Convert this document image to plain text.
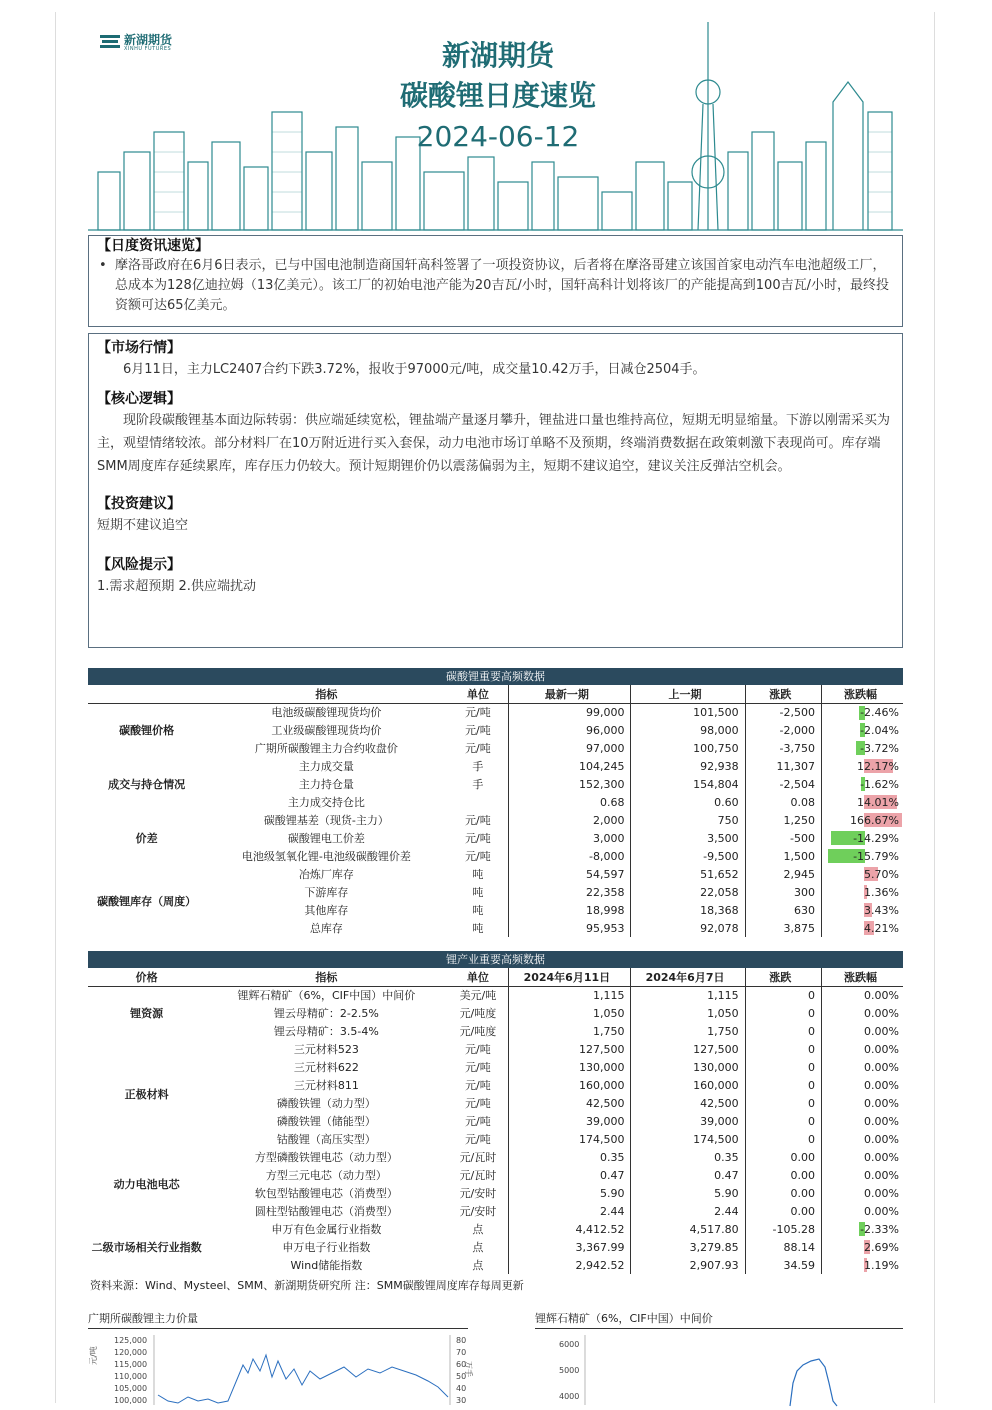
新湖期货
XINHU FUTURES	新湖期货
碳酸锂日度速览
2024-06-12
【日度资讯速览】
• 摩洛哥政府在6月6日表示，已与中国电池制造商国轩高科签署了一项投资协议，后者将在摩洛哥建立该国首家电动汽车电池超级工厂，总成本为128亿迪拉姆（13亿美元）。该工厂的初始电池产能为20吉瓦/小时，国轩高科计划将该厂的产能提高到100吉瓦/小时，最终投资额可达65亿美元。
【市场行情】
6月11日，主力LC2407合约下跌3.72%，报收于97000元/吨，成交量10.42万手，日减仓2504手。
【核心逻辑】
现阶段碳酸锂基本面边际转弱：供应端延续宽松，锂盐端产量逐月攀升，锂盐进口量也维持高位，短期无明显缩量。下游以刚需采买为主，观望情绪较浓。部分材料厂在10万附近进行买入套保，动力电池市场订单略不及预期，终端消费数据在政策刺激下表现尚可。库存端SMM周度库存延续累库，库存压力仍较大。预计短期锂价仍以震荡偏弱为主，短期不建议追空，建议关注反弹沽空机会。
【投资建议】
短期不建议追空
【风险提示】
1.需求超预期 2.供应端扰动
碳酸锂重要高频数据
	指标	单位	最新一期	上一期	涨跌	涨跌幅
碳酸锂价格	电池级碳酸锂现货均价	元/吨	99,000	101,500	-2,500	-2.46%
	工业级碳酸锂现货均价	元/吨	96,000	98,000	-2,000	-2.04%
	广期所碳酸锂主力合约收盘价	元/吨	97,000	100,750	-3,750	-3.72%
成交与持仓情况	主力成交量	手	104,245	92,938	11,307	12.17%
	主力持仓量	手	152,300	154,804	-2,504	-1.62%
	主力成交持仓比		0.68	0.60	0.08	14.01%
价差	碳酸锂基差（现货-主力）	元/吨	2,000	750	1,250	166.67%
	碳酸锂电工价差	元/吨	3,000	3,500	-500	-14.29%
	电池级氢氧化锂-电池级碳酸锂价差	元/吨	-8,000	-9,500	1,500	-15.79%
碳酸锂库存（周度）	冶炼厂库存	吨	54,597	51,652	2,945	5.70%
	下游库存	吨	22,358	22,058	300	1.36%
	其他库存	吨	18,998	18,368	630	3.43%
	总库存	吨	95,953	92,078	3,875	4.21%
锂产业重要高频数据
价格	指标	单位	2024年6月11日	2024年6月7日	涨跌	涨跌幅
锂资源	锂辉石精矿（6%，CIF中国）中间价	美元/吨	1,115	1,115	0	0.00%
	锂云母精矿：2-2.5%	元/吨度	1,050	1,050	0	0.00%
	锂云母精矿：3.5-4%	元/吨度	1,750	1,750	0	0.00%
正极材料	三元材料523	元/吨	127,500	127,500	0	0.00%
	三元材料622	元/吨	130,000	130,000	0	0.00%
	三元材料811	元/吨	160,000	160,000	0	0.00%
	磷酸铁锂（动力型）	元/吨	42,500	42,500	0	0.00%
	磷酸铁锂（储能型）	元/吨	39,000	39,000	0	0.00%
	钴酸锂（高压实型）	元/吨	174,500	174,500	0	0.00%
动力电池电芯	方型磷酸铁锂电芯（动力型）	元/瓦时	0.35	0.35	0.00	0.00%
	方型三元电芯（动力型）	元/瓦时	0.47	0.47	0.00	0.00%
	软包型钴酸锂电芯（消费型）	元/安时	5.90	5.90	0.00	0.00%
	圆柱型钴酸锂电芯（消费型）	元/安时	2.44	2.44	0.00	0.00%
二级市场相关行业指数	申万有色金属行业指数	点	4,412.52	4,517.80	-105.28	-2.33%
	申万电子行业指数	点	3,367.99	3,279.85	88.14	2.69%
	Wind储能指数	点	2,942.52	2,907.93	34.59	1.19%
资料来源：Wind、Mysteel、SMM、新湖期货研究所 注：SMM碳酸锂周度库存每周更新
广期所碳酸锂主力价量
元/吨
125,000
120,000
115,000
110,000
105,000
100,000
80
70
60
50
40
30
万手
锂辉石精矿（6%，CIF中国）中间价
6000
5000
4000
